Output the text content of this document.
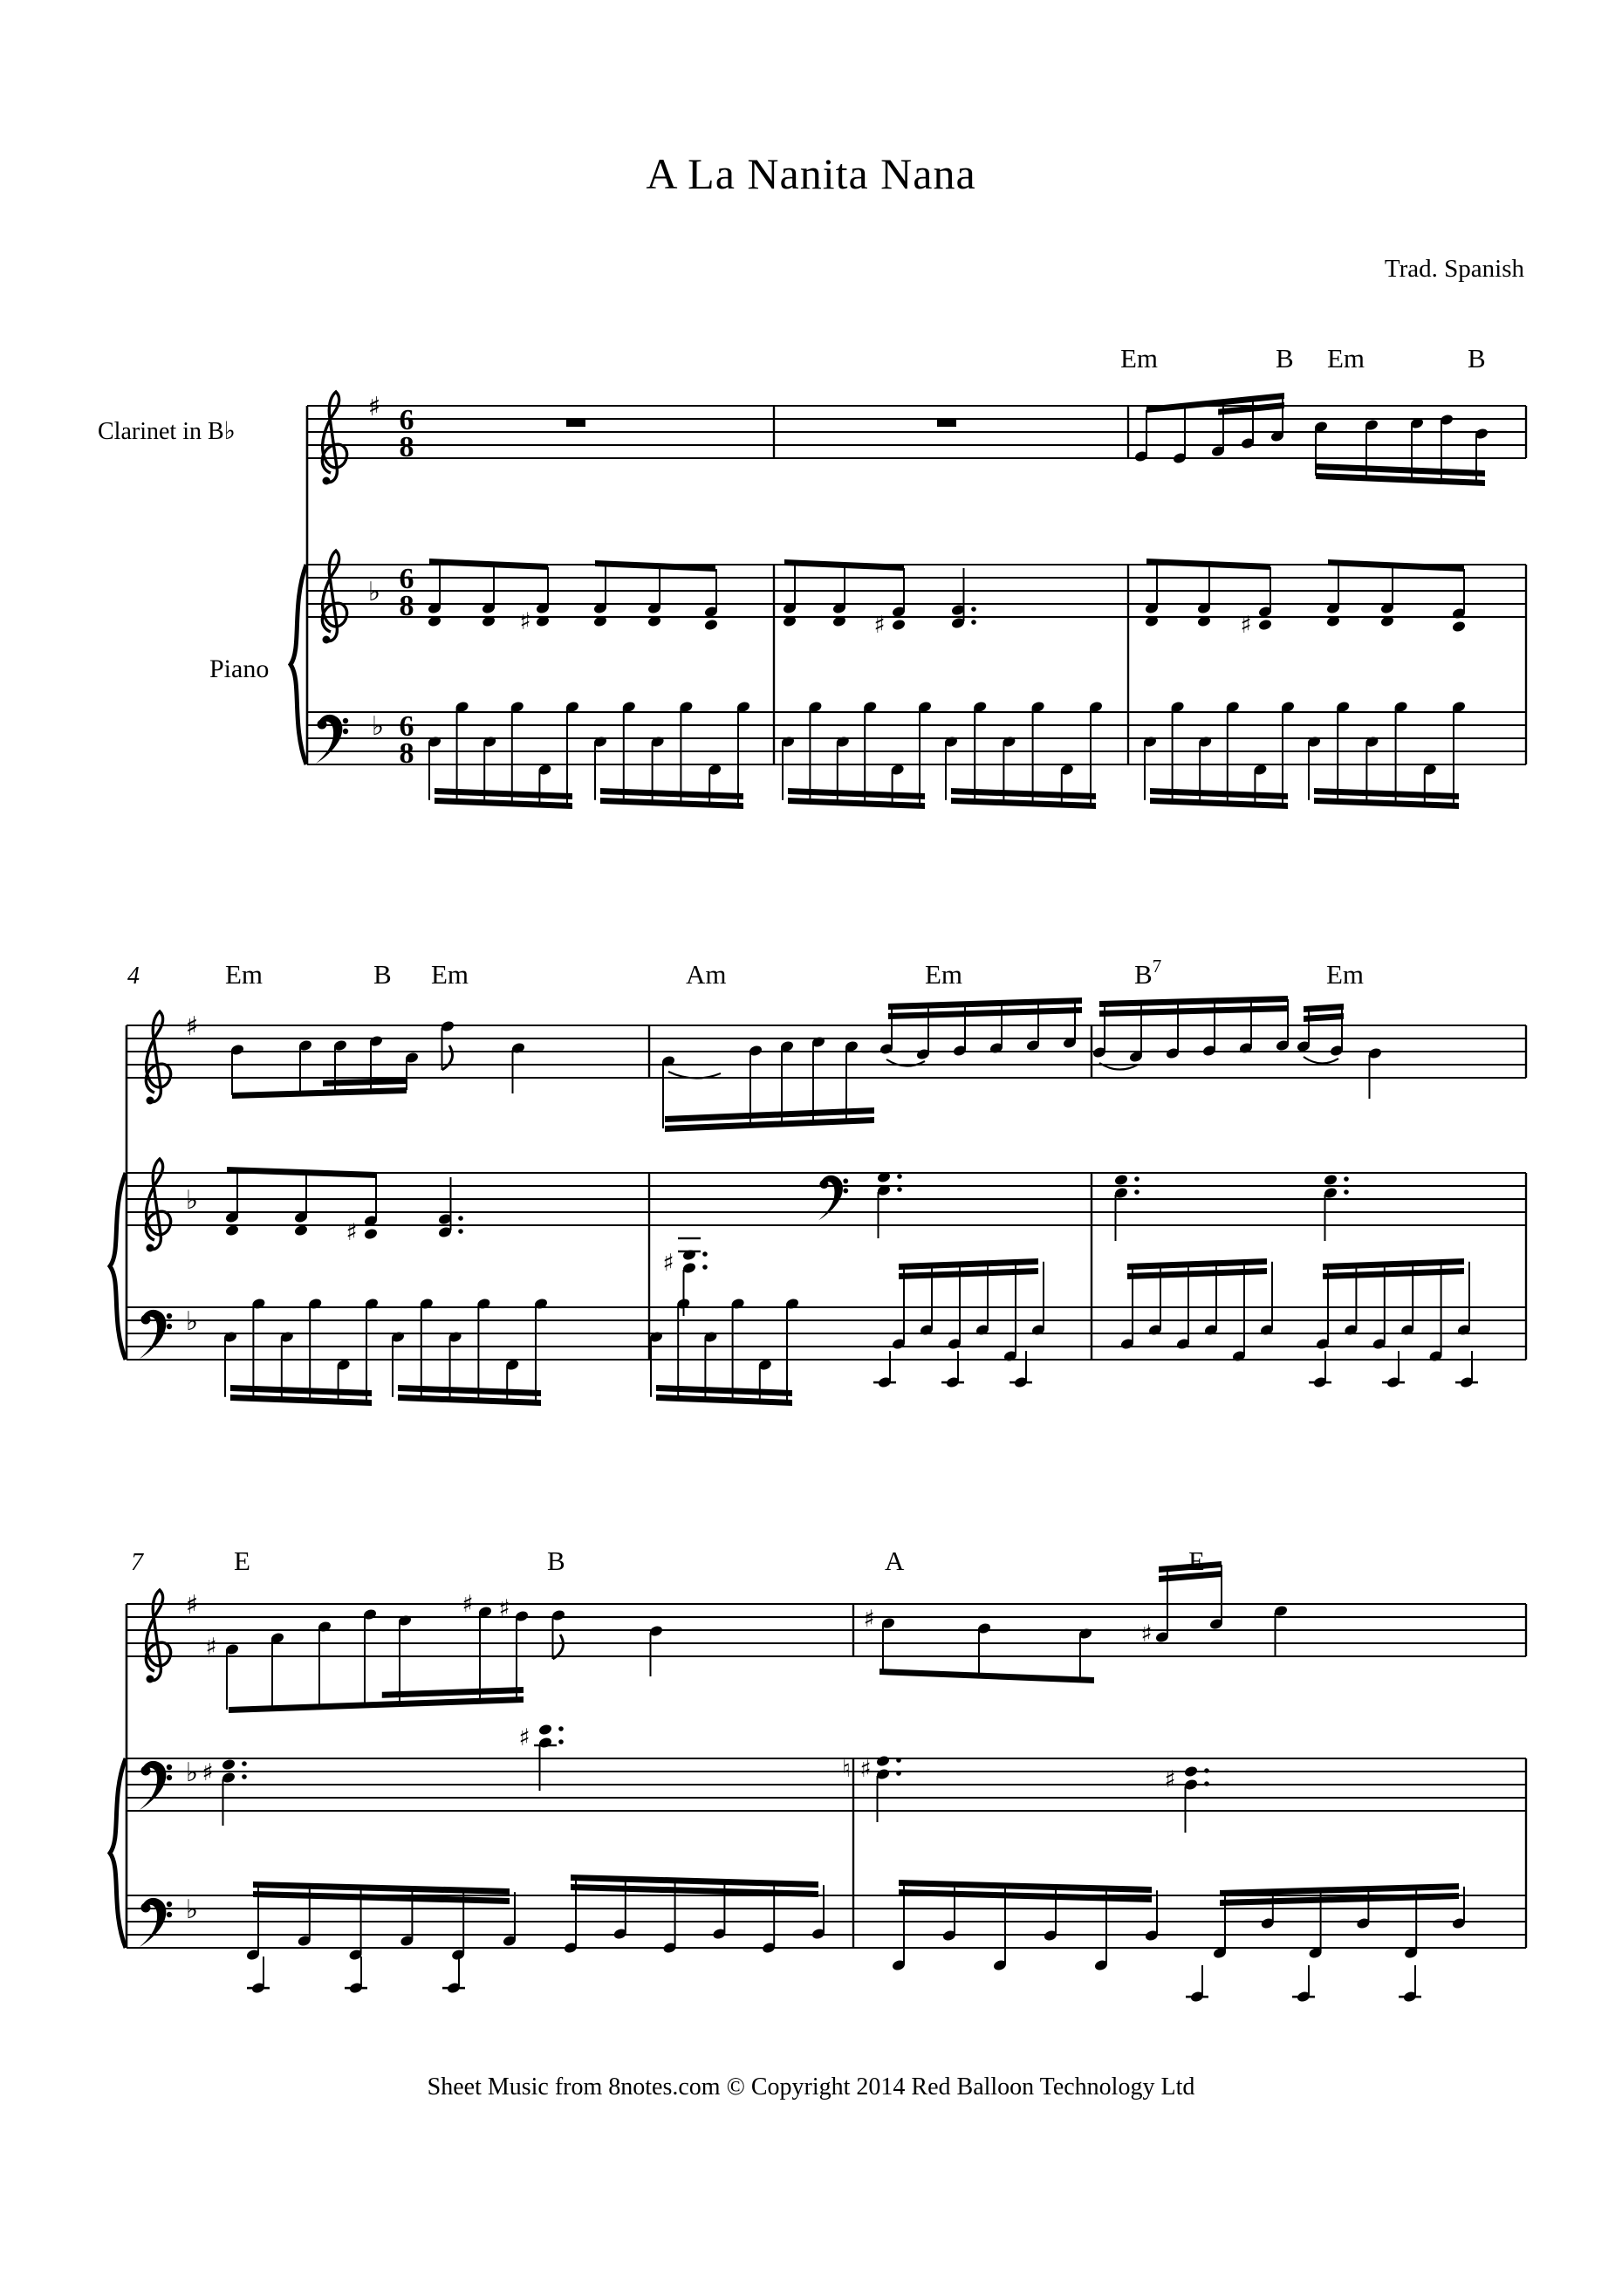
A La Nanita Nana
Trad. Spanish
Clarinet in B♭
Piano
♯ 6
8
♭ 6
8	♯	♯	♯
♭ 6
8
Em	B Em	B
♯
♭
♯
♯
♭
Em	B Em	Am	Em	$B^7$	Em
4
♯
♯
♯ ♯	♯
♯
♭ ♯
♯
♮ ♯	♯
♭
E	B	A	E
7
Sheet Music from 8notes.com © Copyright 2014 Red Balloon Technology Ltd
